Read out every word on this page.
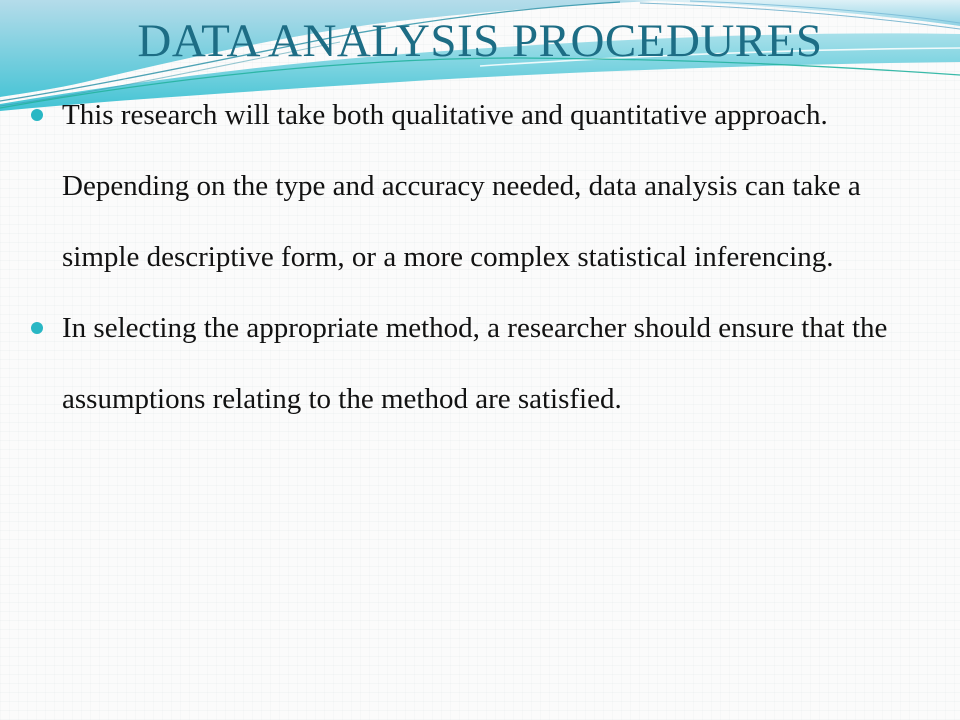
DATA ANALYSIS PROCEDURES
This research will take both qualitative and quantitative approach. Depending on the type and accuracy needed, data analysis can take a simple descriptive form, or a more complex statistical inferencing.
In selecting the appropriate method, a researcher should ensure that the assumptions relating to the method are satisfied.
